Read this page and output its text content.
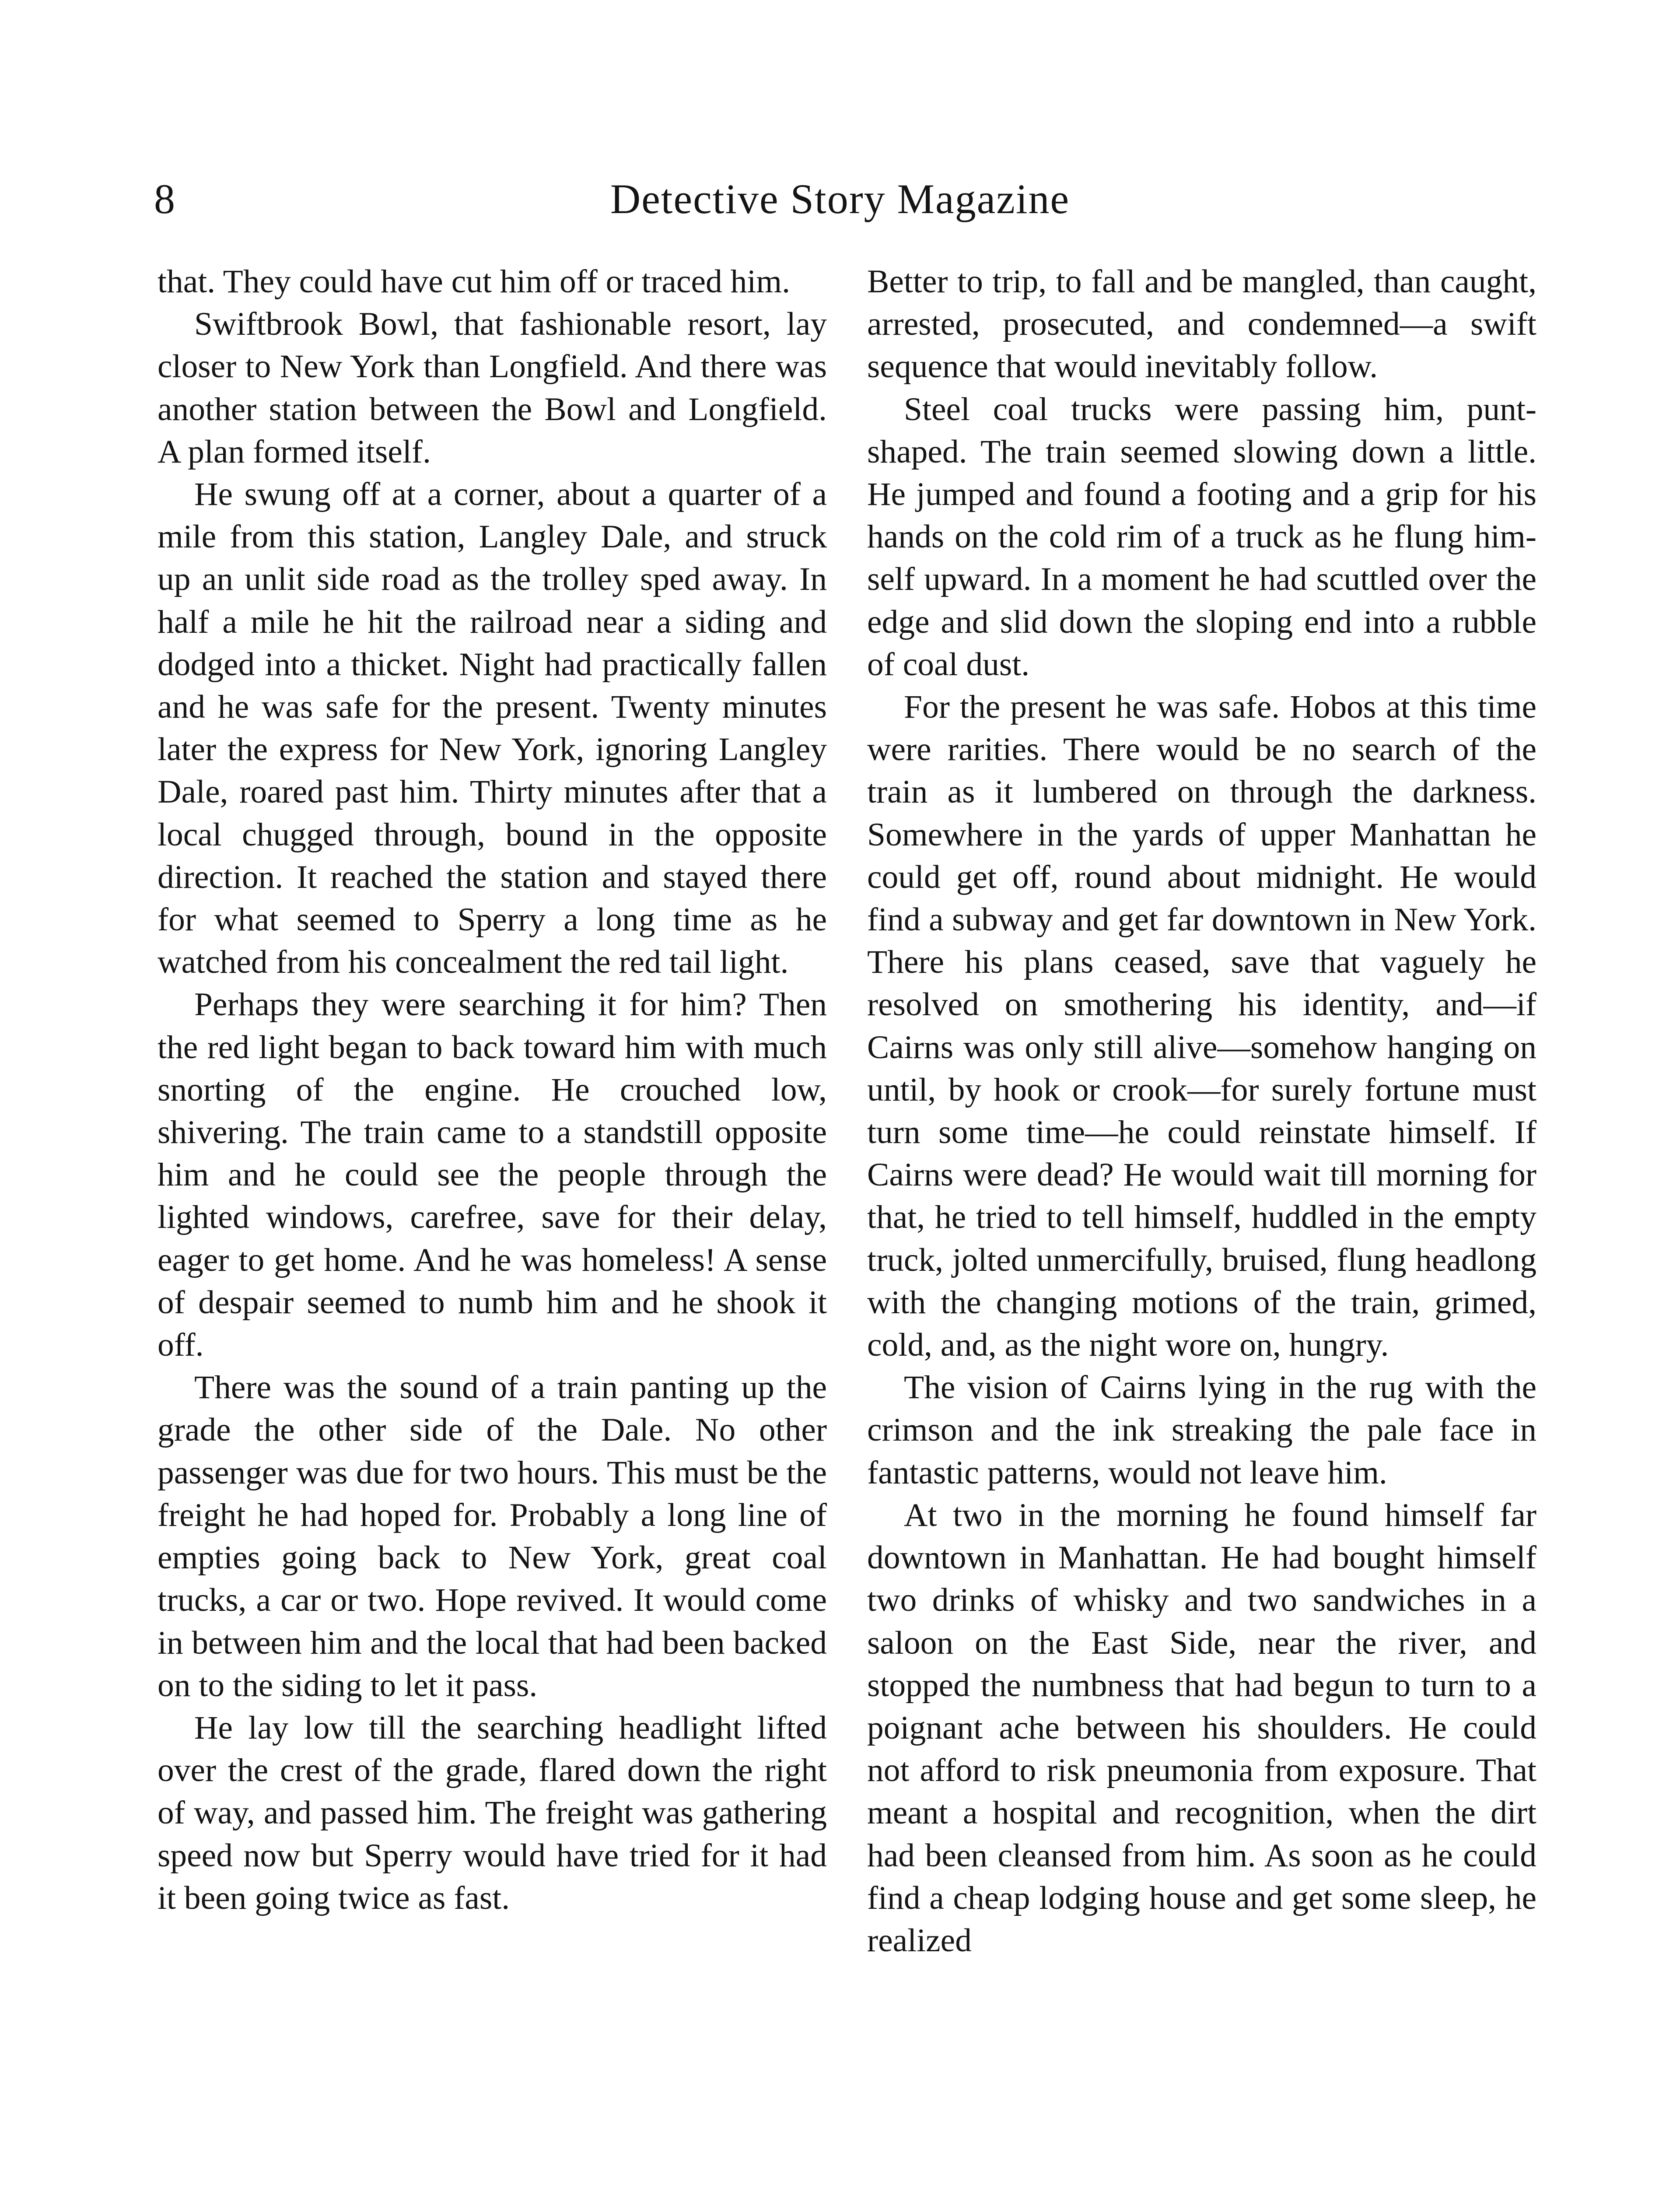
8	Detective Story Magazine

that. They could have cut him off or traced him.

Swiftbrook Bowl, that fashionable resort, lay closer to New York than Longfield. And there was another station between the Bowl and Longfield. A plan formed itself.

He swung off at a corner, about a quarter of a mile from this station, Langley Dale, and struck up an unlit side road as the trolley sped away. In half a mile he hit the railroad near a siding and dodged into a thicket. Night had practically fallen and he was safe for the present. Twenty minutes later the express for New York, ignoring Langley Dale, roared past him. Thirty minutes after that a local chugged through, bound in the opposite direction. It reached the station and stayed there for what seemed to Sperry a long time as he watched from his concealment the red tail light.

Perhaps they were searching it for him? Then the red light began to back toward him with much snorting of the engine. He crouched low, shivering. The train came to a standstill opposite him and he could see the people through the lighted windows, carefree, save for their delay, eager to get home. And he was homeless! A sense of despair seemed to numb him and he shook it off.

There was the sound of a train panting up the grade the other side of the Dale. No other passenger was due for two hours. This must be the freight he had hoped for. Probably a long line of empties going back to New York, great coal trucks, a car or two. Hope revived. It would come in between him and the local that had been backed on to the siding to let it pass.

He lay low till the searching headlight lifted over the crest of the grade, flared down the right of way, and passed him. The freight was gathering speed now but Sperry would have tried for it had it been going twice as fast.

Better to trip, to fall and be mangled, than caught, arrested, prosecuted, and condemned—a swift sequence that would inevitably follow.

Steel coal trucks were passing him, punt-shaped. The train seemed slowing down a little. He jumped and found a footing and a grip for his hands on the cold rim of a truck as he flung himself upward. In a moment he had scuttled over the edge and slid down the sloping end into a rubble of coal dust.

For the present he was safe. Hobos at this time were rarities. There would be no search of the train as it lumbered on through the darkness. Somewhere in the yards of upper Manhattan he could get off, round about midnight. He would find a subway and get far downtown in New York. There his plans ceased, save that vaguely he resolved on smothering his identity, and—if Cairns was only still alive—somehow hanging on until, by hook or crook—for surely fortune must turn some time—he could reinstate himself. If Cairns were dead? He would wait till morning for that, he tried to tell himself, huddled in the empty truck, jolted unmercifully, bruised, flung headlong with the changing motions of the train, grimed, cold, and, as the night wore on, hungry.

The vision of Cairns lying in the rug with the crimson and the ink streaking the pale face in fantastic patterns, would not leave him.

At two in the morning he found himself far downtown in Manhattan. He had bought himself two drinks of whisky and two sandwiches in a saloon on the East Side, near the river, and stopped the numbness that had begun to turn to a poignant ache between his shoulders. He could not afford to risk pneumonia from exposure. That meant a hospital and recognition, when the dirt had been cleansed from him. As soon as he could find a cheap lodging house and get some sleep, he realized
